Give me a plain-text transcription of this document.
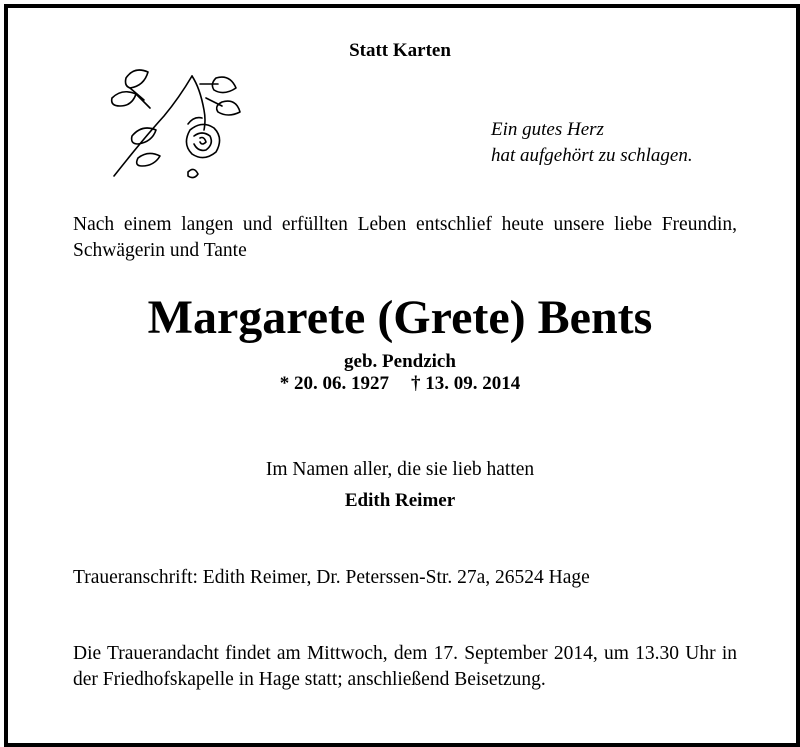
Statt Karten
Ein gutes Herz
hat aufgehört zu schlagen.
Nach einem langen und erfüllten Leben entschlief heute unsere liebe Freundin, Schwägerin und Tante
Margarete (Grete) Bents
geb. Pendzich
* 20. 06. 1927 † 13. 09. 2014
Im Namen aller, die sie lieb hatten
Edith Reimer
Traueranschrift: Edith Reimer, Dr. Peterssen-Str. 27a, 26524 Hage
Die Trauerandacht findet am Mittwoch, dem 17. September 2014, um 13.30 Uhr in der Friedhofskapelle in Hage statt; anschließend Beisetzung.
